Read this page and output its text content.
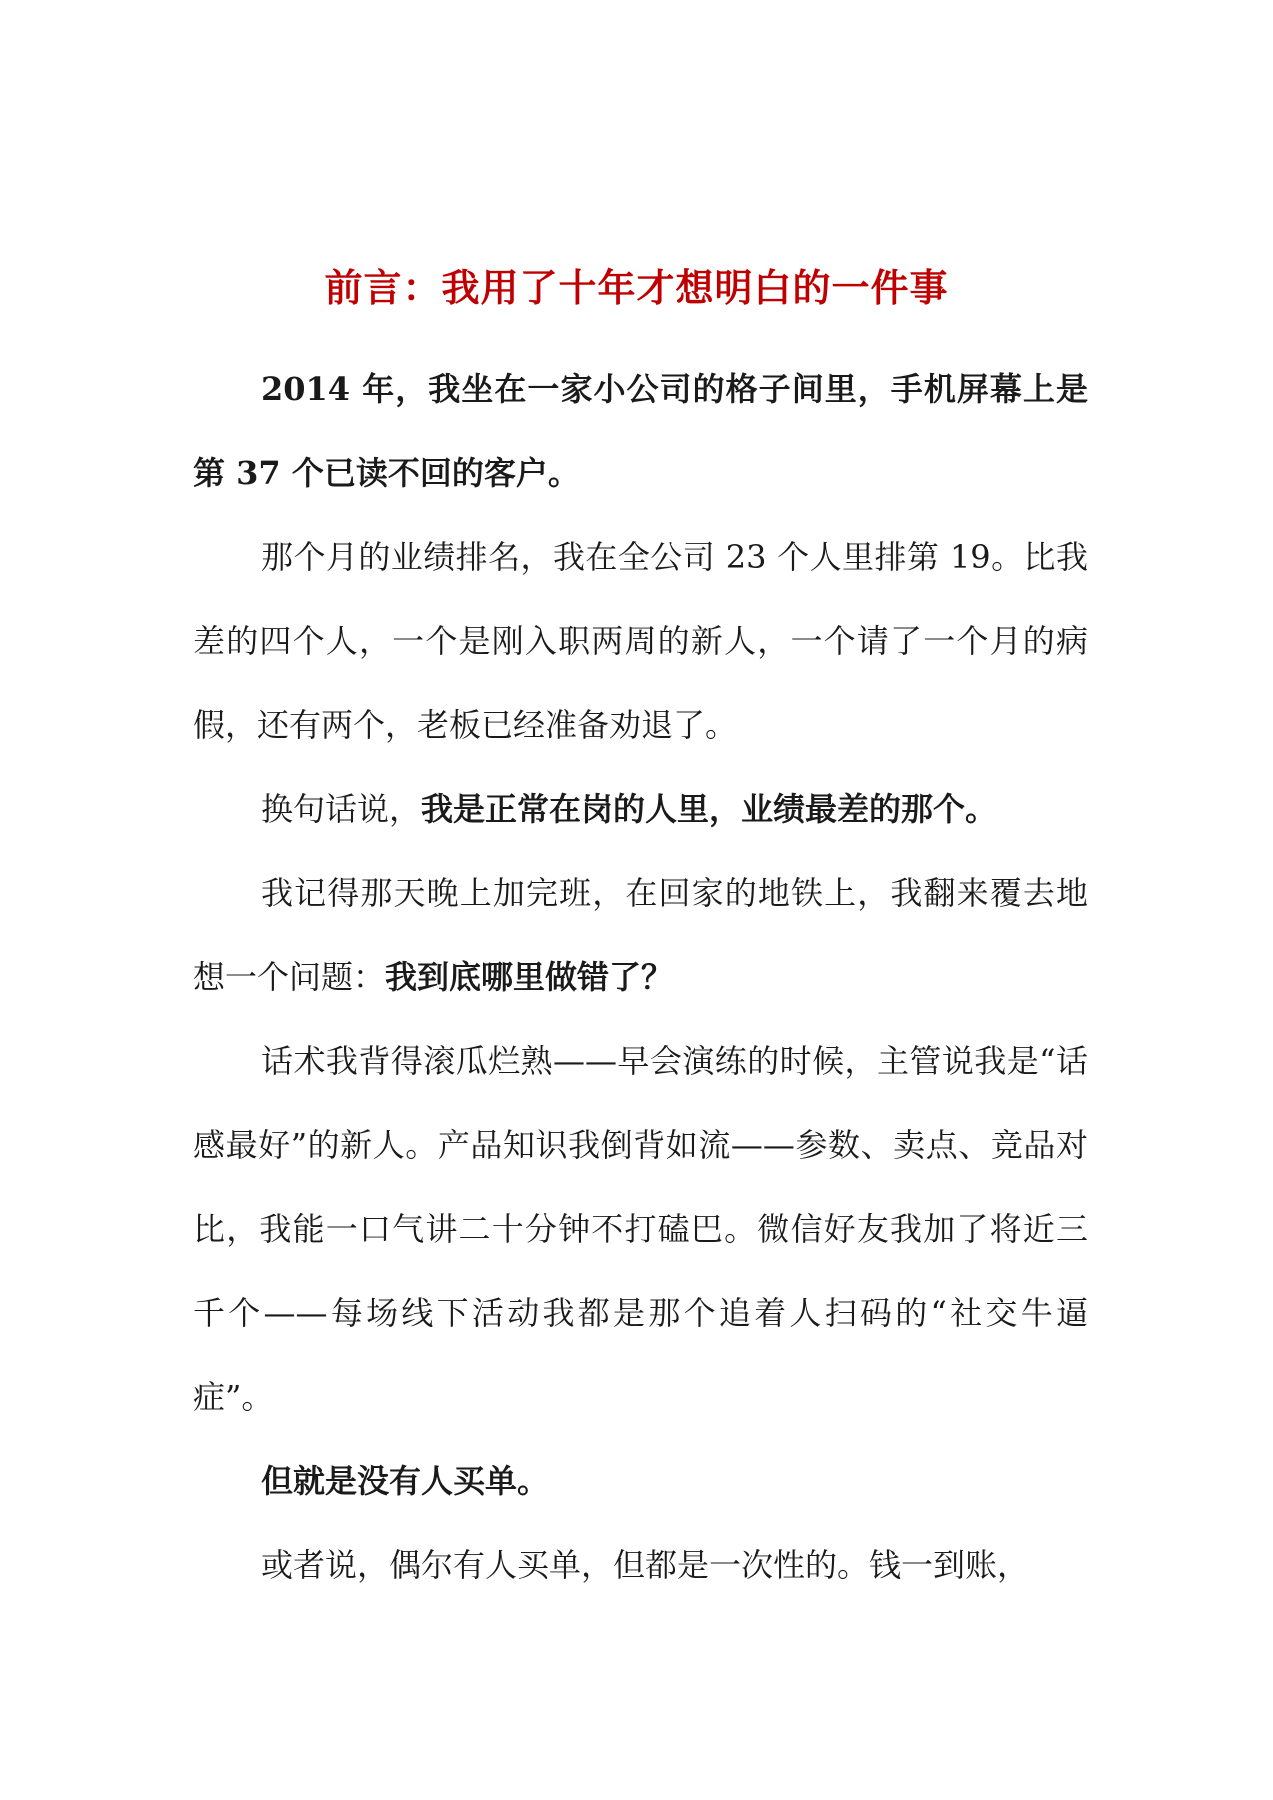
前言：我用了十年才想明白的一件事

2014 年，我坐在一家小公司的格子间里，手机屏幕上是第 37 个已读不回的客户。

那个月的业绩排名，我在全公司 23 个人里排第 19。比我差的四个人，一个是刚入职两周的新人，一个请了一个月的病假，还有两个，老板已经准备劝退了。

换句话说，我是正常在岗的人里，业绩最差的那个。

我记得那天晚上加完班，在回家的地铁上，我翻来覆去地想一个问题：我到底哪里做错了？

话术我背得滚瓜烂熟——早会演练的时候，主管说我是“话感最好”的新人。产品知识我倒背如流——参数、卖点、竞品对比，我能一口气讲二十分钟不打磕巴。微信好友我加了将近三千个——每场线下活动我都是那个追着人扫码的“社交牛逼症”。

但就是没有人买单。

或者说，偶尔有人买单，但都是一次性的。钱一到账，
